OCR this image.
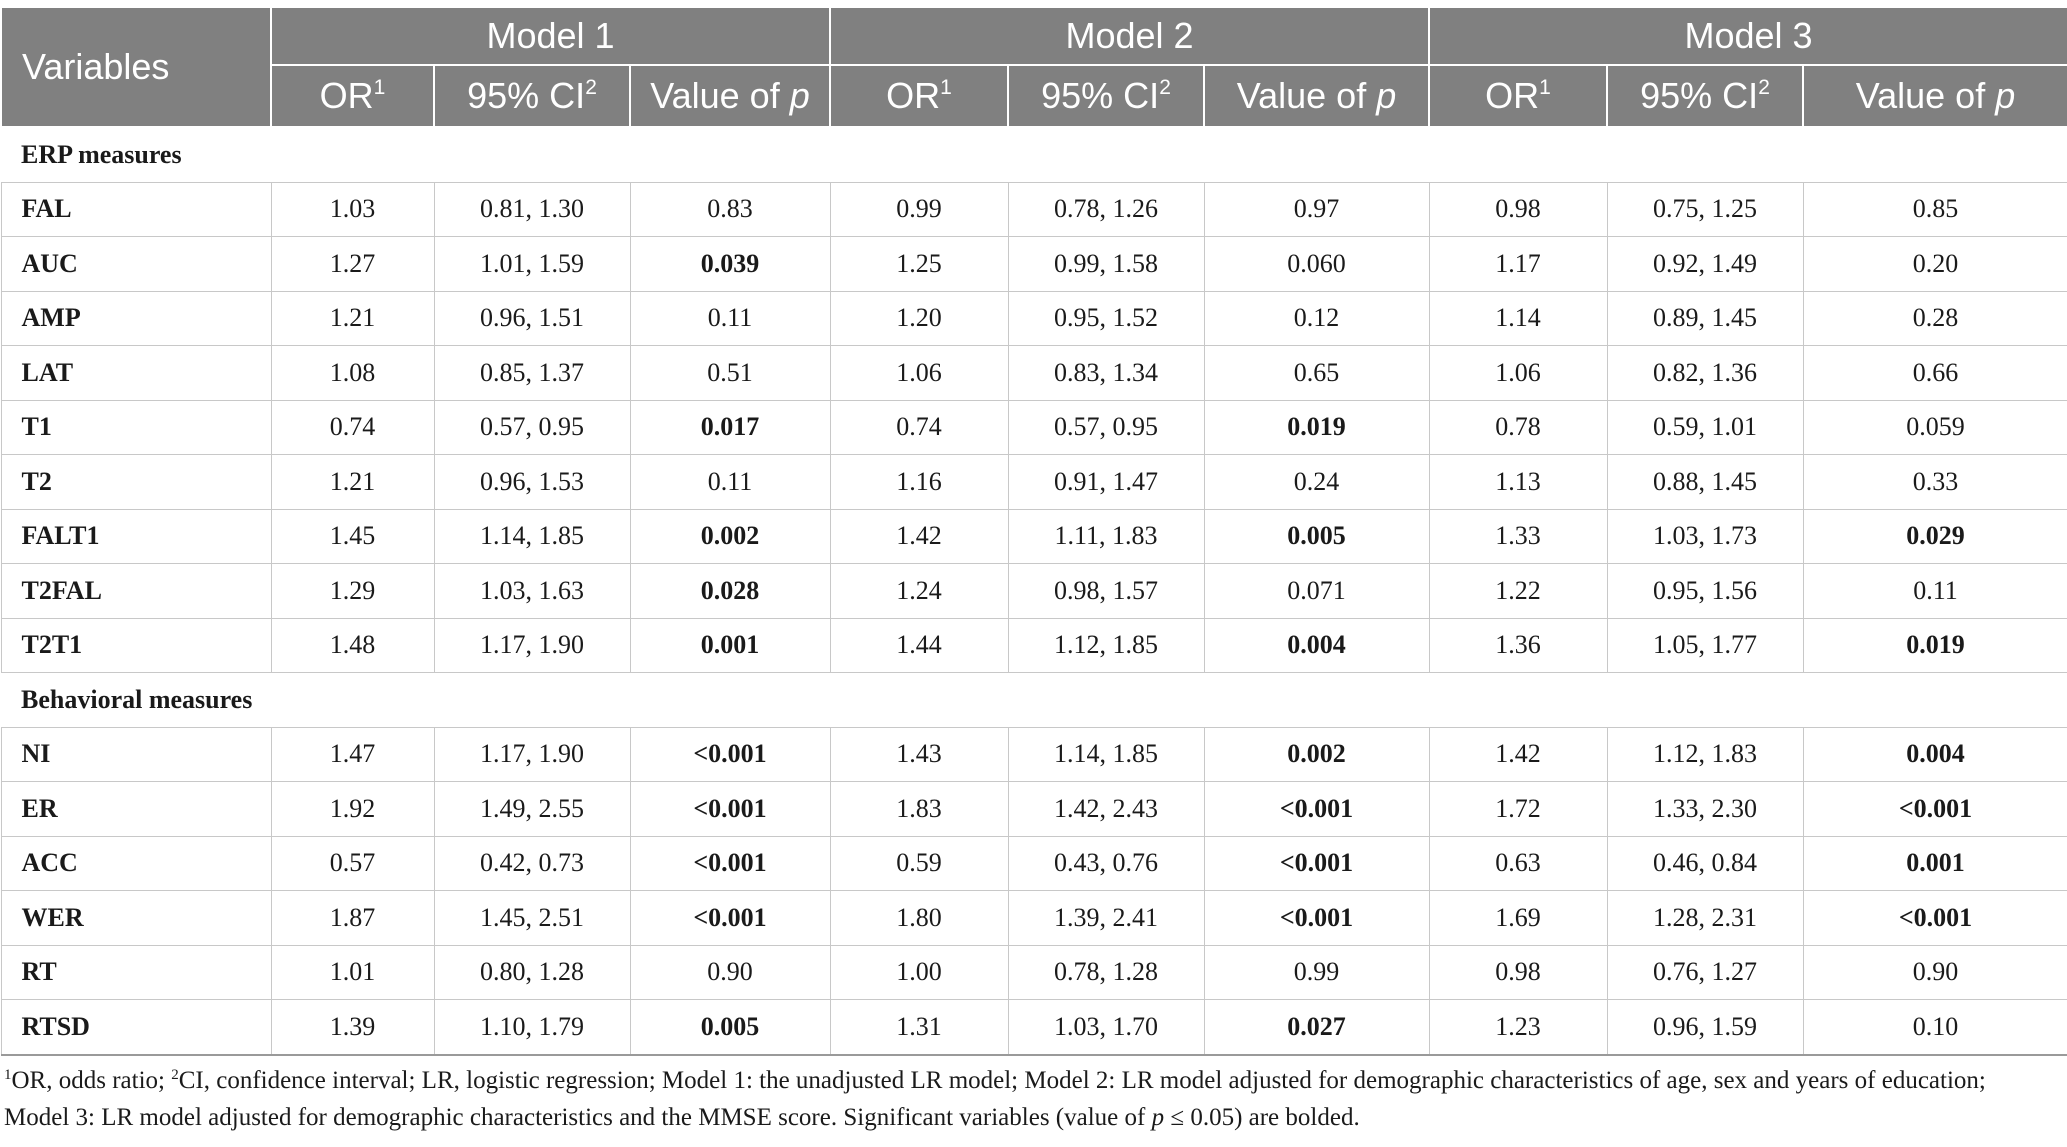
Variables	Model 1			Model 2			Model 3		
	$OR^1$	95% $CI^2$	Value of p	$OR^1$	95% $CI^2$	Value of p	$OR^1$	95% $CI^2$	Value of p
ERP measures									
FAL	1.03	0.81, 1.30	0.83	0.99	0.78, 1.26	0.97	0.98	0.75, 1.25	0.85
AUC	1.27	1.01, 1.59	0.039	1.25	0.99, 1.58	0.060	1.17	0.92, 1.49	0.20
AMP	1.21	0.96, 1.51	0.11	1.20	0.95, 1.52	0.12	1.14	0.89, 1.45	0.28
LAT	1.08	0.85, 1.37	0.51	1.06	0.83, 1.34	0.65	1.06	0.82, 1.36	0.66
T1	0.74	0.57, 0.95	0.017	0.74	0.57, 0.95	0.019	0.78	0.59, 1.01	0.059
T2	1.21	0.96, 1.53	0.11	1.16	0.91, 1.47	0.24	1.13	0.88, 1.45	0.33
FALT1	1.45	1.14, 1.85	0.002	1.42	1.11, 1.83	0.005	1.33	1.03, 1.73	0.029
T2FAL	1.29	1.03, 1.63	0.028	1.24	0.98, 1.57	0.071	1.22	0.95, 1.56	0.11
T2T1	1.48	1.17, 1.90	0.001	1.44	1.12, 1.85	0.004	1.36	1.05, 1.77	0.019
Behavioral measures									
NI	1.47	1.17, 1.90	<0.001	1.43	1.14, 1.85	0.002	1.42	1.12, 1.83	0.004
ER	1.92	1.49, 2.55	<0.001	1.83	1.42, 2.43	<0.001	1.72	1.33, 2.30	<0.001
ACC	0.57	0.42, 0.73	<0.001	0.59	0.43, 0.76	<0.001	0.63	0.46, 0.84	0.001
WER	1.87	1.45, 2.51	<0.001	1.80	1.39, 2.41	<0.001	1.69	1.28, 2.31	<0.001
RT	1.01	0.80, 1.28	0.90	1.00	0.78, 1.28	0.99	0.98	0.76, 1.27	0.90
RTSD	1.39	1.10, 1.79	0.005	1.31	1.03, 1.70	0.027	1.23	0.96, 1.59	0.10
$^1$OR, odds ratio; $^2$CI, confidence interval; LR, logistic regression; Model 1: the unadjusted LR model; Model 2: LR model adjusted for demographic characteristics of age, sex and years of education; Model 3: LR model adjusted for demographic characteristics and the MMSE score. Significant variables (value of p ≤ 0.05) are bolded.
